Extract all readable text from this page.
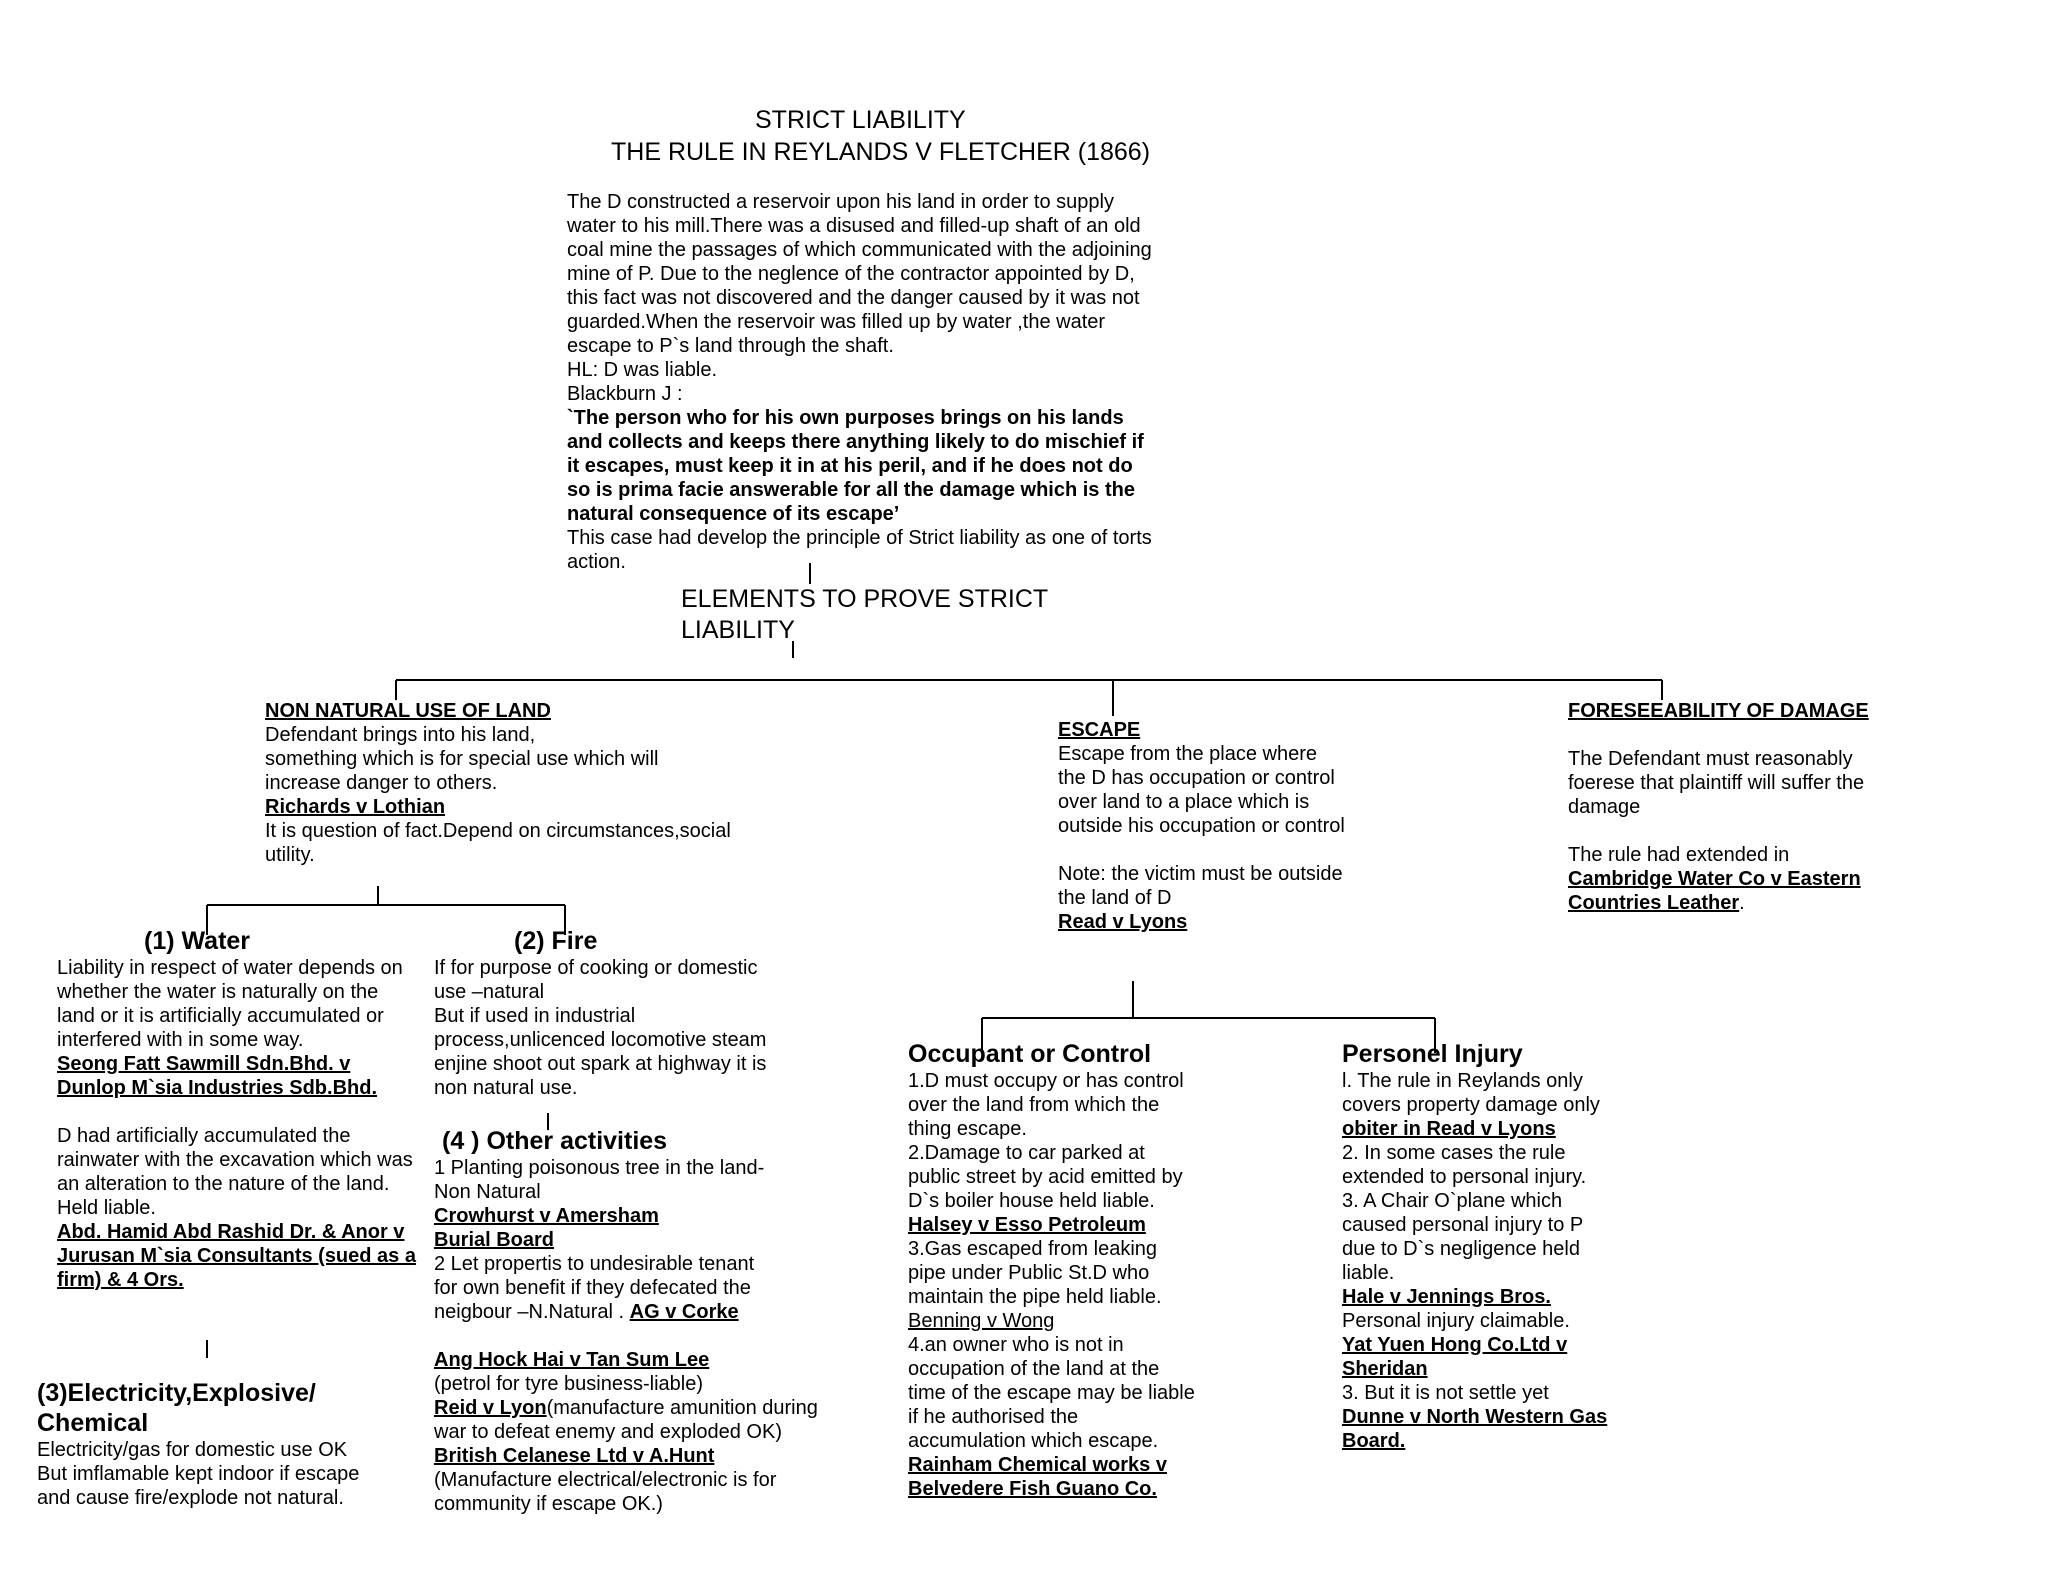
STRICT LIABILITY
THE RULE IN REYLANDS V FLETCHER (1866)
The D constructed a reservoir upon his land in order to supply
water to his mill.There was a disused and filled-up shaft of an old
coal mine the passages of which communicated with the adjoining
mine of P. Due to the neglence of the contractor appointed by D,
this fact was not discovered and the danger caused by it was not
guarded.When the reservoir was filled up by water ,the water
escape to P`s land through the shaft.
HL: D was liable.
Blackburn J :
`The person who for his own purposes brings on his lands
and collects and keeps there anything likely to do mischief if
it escapes, must keep it in at his peril, and if he does not do
so is prima facie answerable for all the damage which is the
natural consequence of its escape’
This case had develop the principle of Strict liability as one of torts
action.
ELEMENTS TO PROVE STRICT
LIABILITY
NON NATURAL USE OF LAND
Defendant brings into his land,
something which is for special use which will
increase danger to others.
Richards v Lothian
It is question of fact.Depend on circumstances,social
utility.
ESCAPE
Escape from the place where
the D has occupation or control
over land to a place which is
outside his occupation or control
Note: the victim must be outside
the land of D
Read v Lyons
FORESEEABILITY OF DAMAGE
The Defendant must reasonably
foerese that plaintiff will suffer the
damage
The rule had extended in
Cambridge Water Co v Eastern
Countries Leather.
(1) Water
Liability in respect of water depends on
whether the water is naturally on the
land or it is artificially accumulated or
interfered with in some way.
Seong Fatt Sawmill Sdn.Bhd. v
Dunlop M`sia Industries Sdb.Bhd.
D had artificially accumulated the
rainwater with the excavation which was
an alteration to the nature of the land.
Held liable.
Abd. Hamid Abd Rashid Dr. & Anor v
Jurusan M`sia Consultants (sued as a
firm) & 4 Ors.
(2) Fire
If for purpose of cooking or domestic
use –natural
But if used in industrial
process,unlicenced locomotive steam
enjine shoot out spark at highway it is
non natural use.
(4 ) Other activities
1 Planting poisonous tree in the land-
Non Natural
Crowhurst v Amersham
Burial Board
2 Let propertis to undesirable tenant
for own benefit if they defecated the
neigbour –N.Natural . AG v Corke
Ang Hock Hai v Tan Sum Lee
(petrol for tyre business-liable)
Reid v Lyon(manufacture amunition during
war to defeat enemy and exploded OK)
British Celanese Ltd v A.Hunt
(Manufacture electrical/electronic is for
community if escape OK.)
(3)Electricity,Explosive/
Chemical
Electricity/gas for domestic use OK
But imflamable kept indoor if escape
and cause fire/explode not natural.
Occupant or Control
1.D must occupy or has control
over the land from which the
thing escape.
2.Damage to car parked at
public street by acid emitted by
D`s boiler house held liable.
Halsey v Esso Petroleum
3.Gas escaped from leaking
pipe under Public St.D who
maintain the pipe held liable.
Benning v Wong
4.an owner who is not in
occupation of the land at the
time of the escape may be liable
if he authorised the
accumulation which escape.
Rainham Chemical works v
Belvedere Fish Guano Co.
Personel Injury
l. The rule in Reylands only
covers property damage only
obiter in Read v Lyons
2. In some cases the rule
extended to personal injury.
3. A Chair O`plane which
caused personal injury to P
due to D`s negligence held
liable.
Hale v Jennings Bros.
Personal injury claimable.
Yat Yuen Hong Co.Ltd v
Sheridan
3. But it is not settle yet
Dunne v North Western Gas
Board.
